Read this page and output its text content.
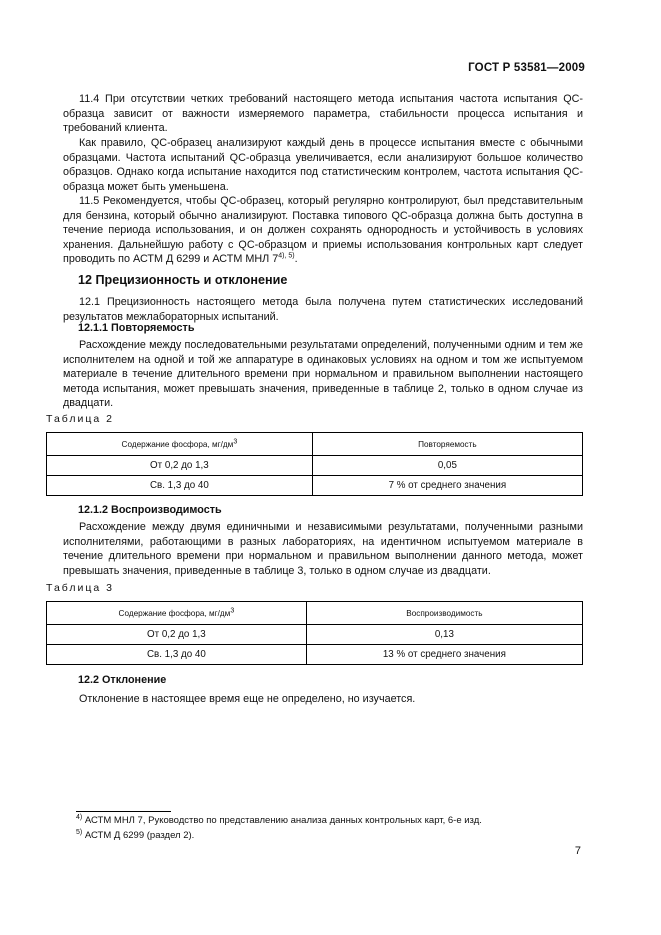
ГОСТ Р 53581—2009

11.4 При отсутствии четких требований настоящего метода испытания частота испытания QC-образца зависит от важности измеряемого параметра, стабильности процесса испытания и требований клиента.

Как правило, QC-образец анализируют каждый день в процессе испытания вместе с обычными образцами. Частота испытаний QC-образца увеличивается, если анализируют большое количество образцов. Однако когда испытание находится под статистическим контролем, частота испытания QC-образца может быть уменьшена.

11.5 Рекомендуется, чтобы QC-образец, который регулярно контролируют, был представительным для бензина, который обычно анализируют. Поставка типового QC-образца должна быть доступна в течение периода использования, и он должен сохранять однородность и устойчивость в условиях хранения. Дальнейшую работу с QC-образцом и приемы использования контрольных карт следует проводить по АСТМ Д 6299 и АСТМ МНЛ $7^{4), 5)}$.

12 Прецизионность и отклонение

12.1 Прецизионность настоящего метода была получена путем статистических исследований результатов межлабораторных испытаний.

12.1.1 Повторяемость

Расхождение между последовательными результатами определений, полученными одним и тем же исполнителем на одной и той же аппаратуре в одинаковых условиях на одном и том же испытуемом материале в течение длительного времени при нормальном и правильном выполнении настоящего метода испытания, может превышать значения, приведенные в таблице 2, только в одном случае из двадцати.

Таблица 2
Содержание фосфора, $мг/дм^3$	Повторяемость
От 0,2 до 1,3	0,05
Св. 1,3 до 40	7 % от среднего значения
12.1.2 Воспроизводимость

Расхождение между двумя единичными и независимыми результатами, полученными разными исполнителями, работающими в разных лабораториях, на идентичном испытуемом материале в течение длительного времени при нормальном и правильном выполнении данного метода, может превышать значения, приведенные в таблице 3, только в одном случае из двадцати.

Таблица 3
Содержание фосфора, $мг/дм^3$	Воспроизводимость
От 0,2 до 1,3	0,13
Св. 1,3 до 40	13 % от среднего значения
12.2 Отклонение

Отклонение в настоящее время еще не определено, но изучается.

$^{4)}$ АСТМ МНЛ 7, Руководство по представлению анализа данных контрольных карт, 6-е изд.
$^{5)}$ АСТМ Д 6299 (раздел 2).
7
